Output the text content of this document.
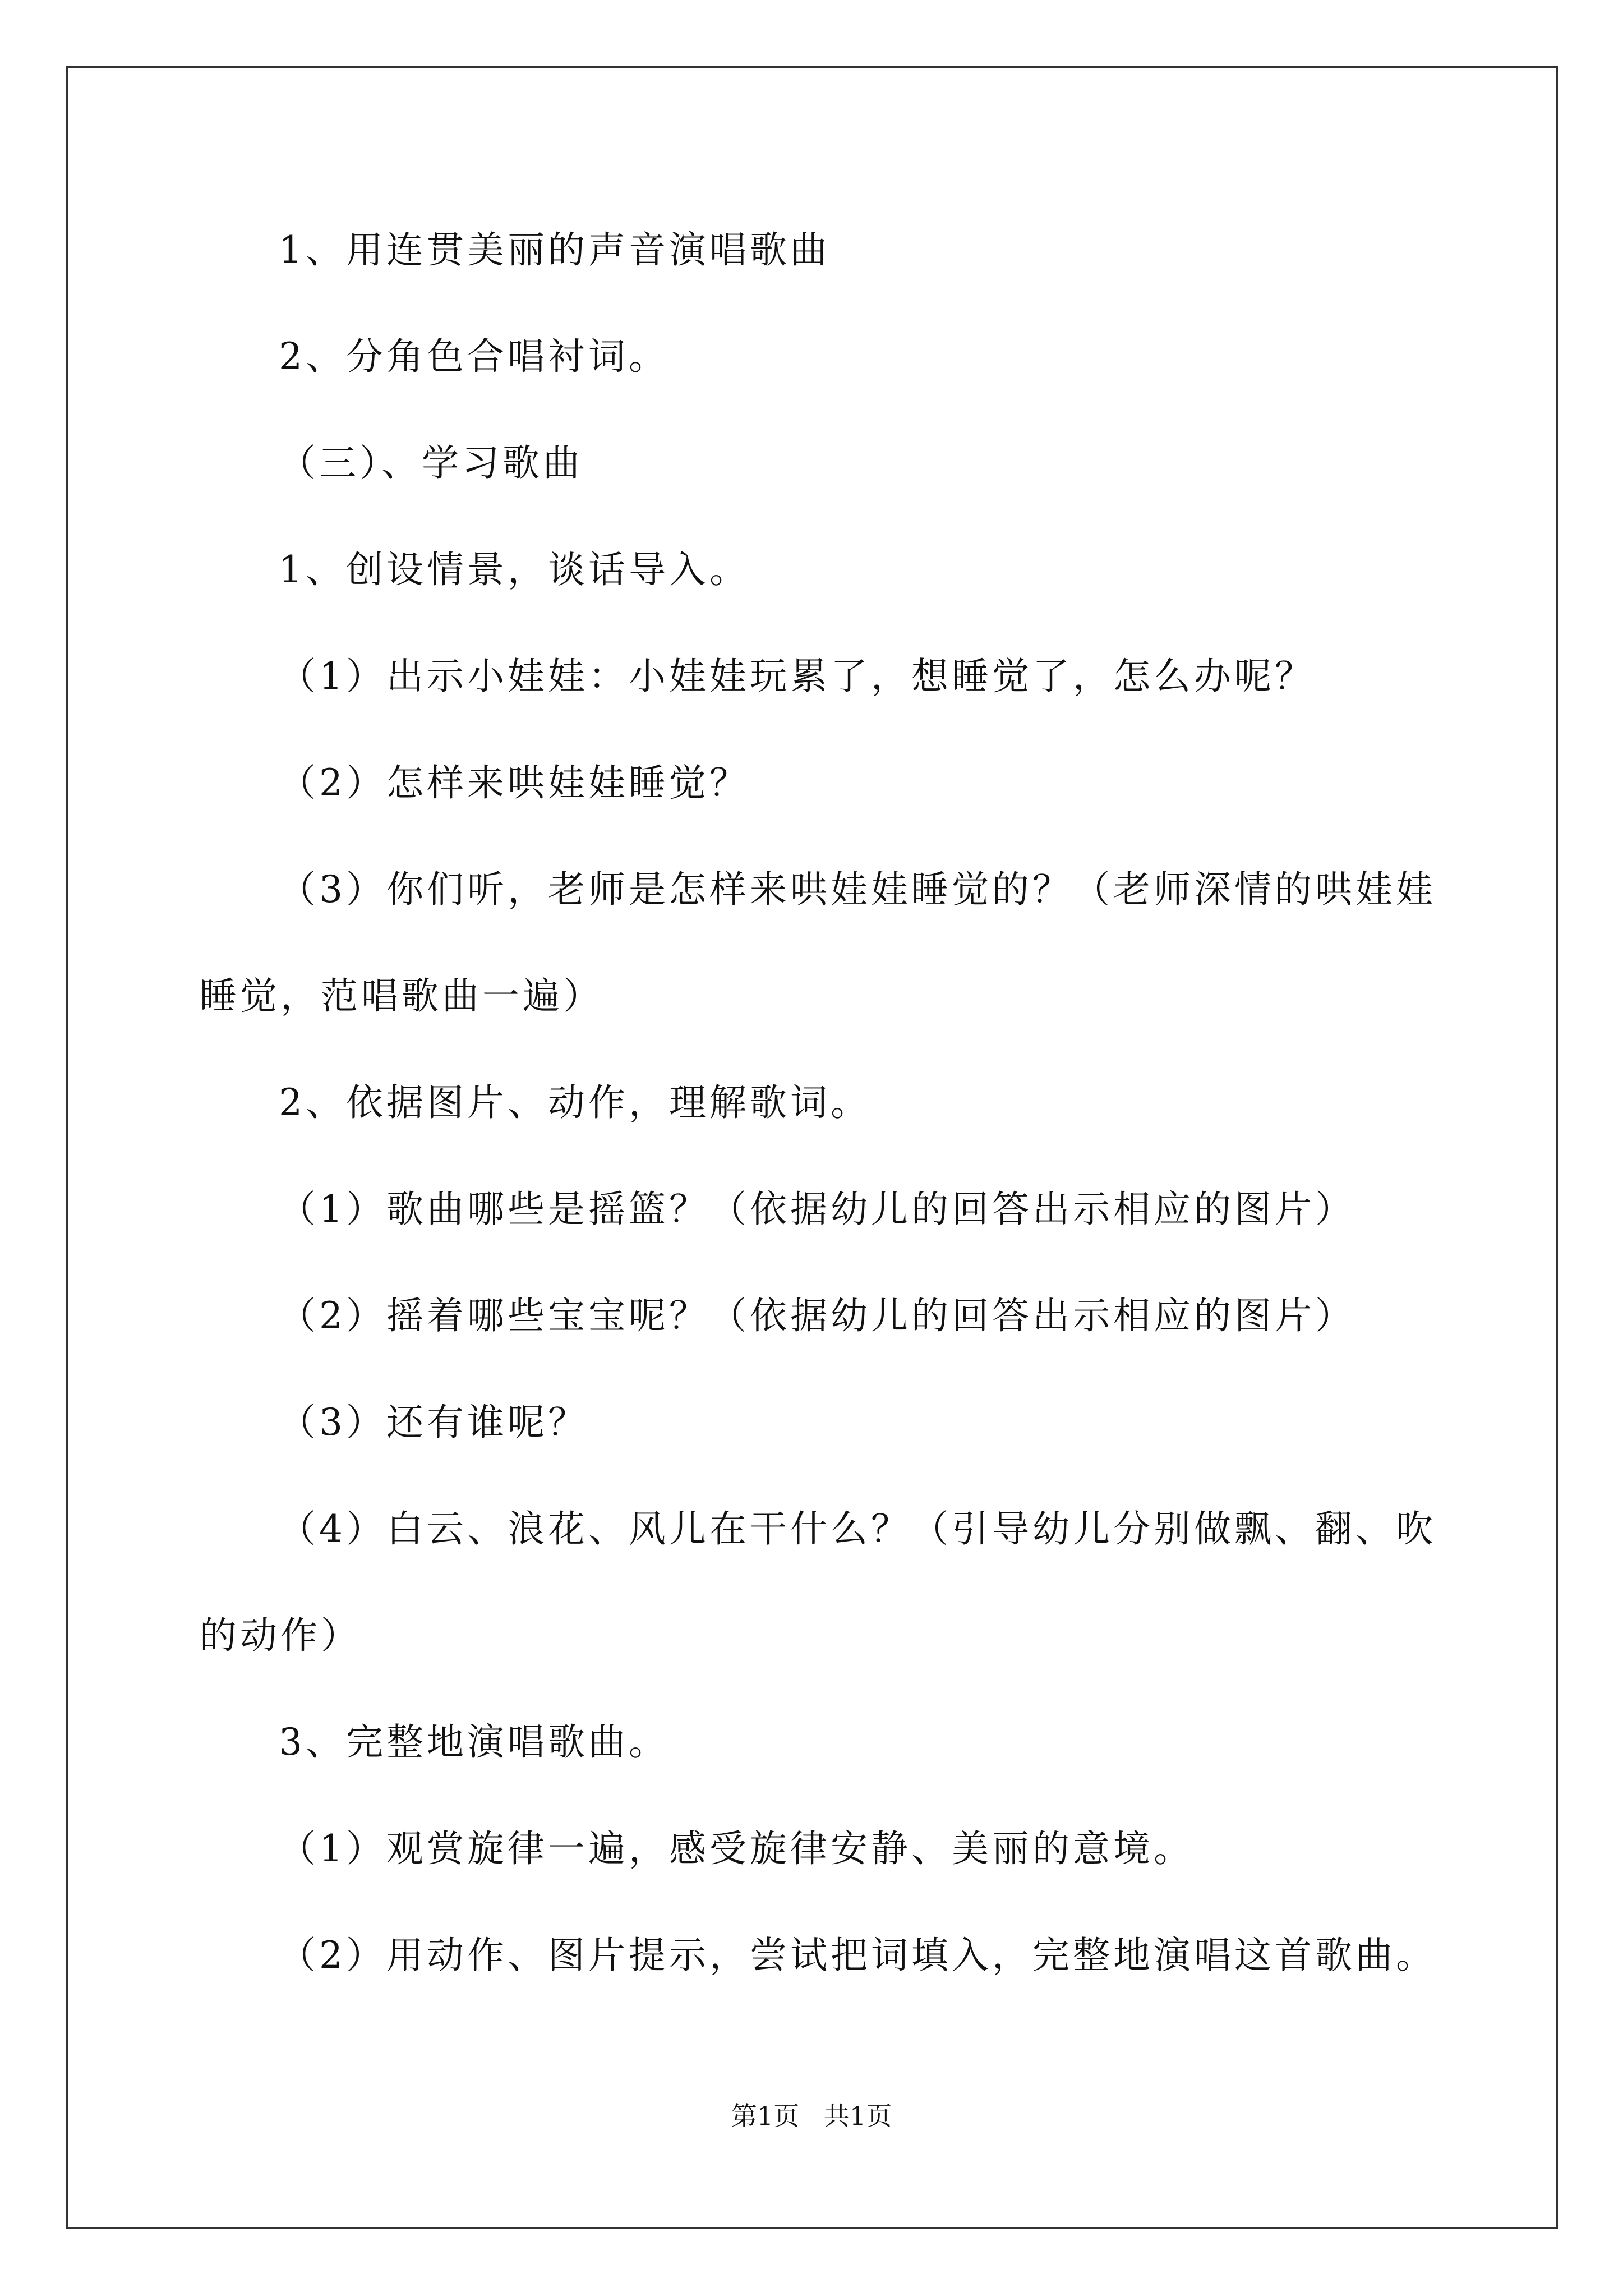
1、用连贯美丽的声音演唱歌曲
2、分角色合唱衬词。
（三）、学习歌曲
1、创设情景，谈话导入。
（1）出示小娃娃：小娃娃玩累了，想睡觉了，怎么办呢？
（2）怎样来哄娃娃睡觉？
（3）你们听，老师是怎样来哄娃娃睡觉的？（老师深情的哄娃娃
睡觉，范唱歌曲一遍）
2、依据图片、动作，理解歌词。
（1）歌曲哪些是摇篮？（依据幼儿的回答出示相应的图片）
（2）摇着哪些宝宝呢？（依据幼儿的回答出示相应的图片）
（3）还有谁呢？
（4）白云、浪花、风儿在干什么？（引导幼儿分别做飘、翻、吹
的动作）
3、完整地演唱歌曲。
（1）观赏旋律一遍，感受旋律安静、美丽的意境。
（2）用动作、图片提示，尝试把词填入，完整地演唱这首歌曲。
第1页   共1页
